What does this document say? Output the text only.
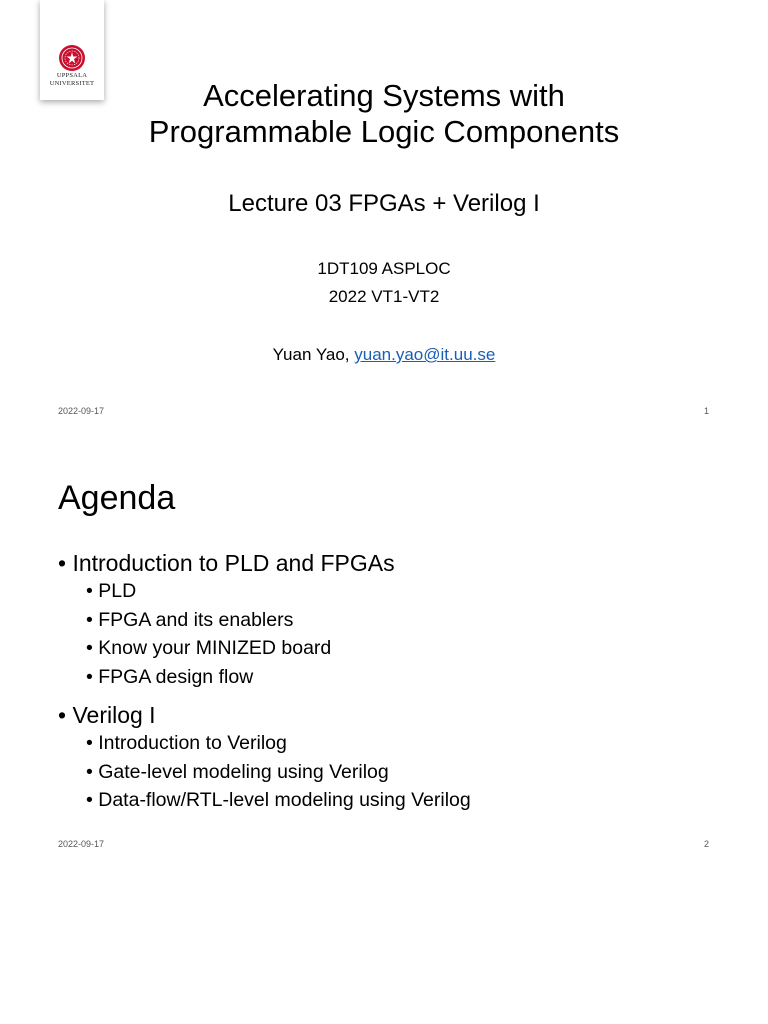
UPPSALA
UNIVERSITET	Accelerating Systems with
Programmable Logic Components
Lecture 03 FPGAs + Verilog I
1DT109 ASPLOC
2022 VT1-VT2
Yuan Yao, yuan.yao@it.uu.se
2022-09-17	1
Agenda

• Introduction to PLD and FPGAs

• PLD

• FPGA and its enablers

• Know your MINIZED board

• FPGA design flow

• Verilog I

• Introduction to Verilog

• Gate-level modeling using Verilog

• Data-flow/RTL-level modeling using Verilog

2022-09-17	2
